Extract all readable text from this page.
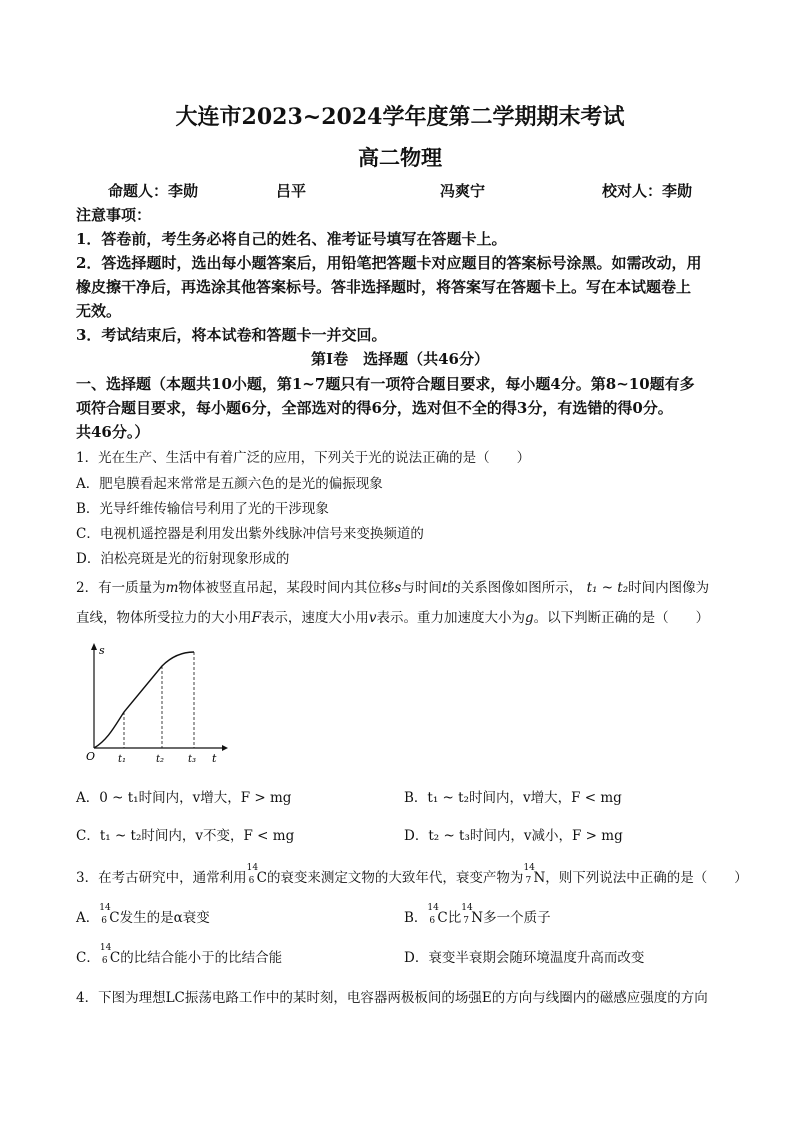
大连市2023~2024学年度第二学期期末考试
高二物理
命题人：李勋	吕平	冯爽宁	校对人：李勋
注意事项：
1．答卷前，考生务必将自己的姓名、准考证号填写在答题卡上。
2．答选择题时，选出每小题答案后，用铅笔把答题卡对应题目的答案标号涂黑。如需改动，用
橡皮擦干净后，再选涂其他答案标号。答非选择题时，将答案写在答题卡上。写在本试题卷上
无效。
3．考试结束后，将本试卷和答题卡一并交回。
第Ⅰ卷　选择题（共46分）
一、选择题（本题共10小题，第1~7题只有一项符合题目要求，每小题4分。第8~10题有多
项符合题目要求，每小题6分，全部选对的得6分，选对但不全的得3分，有选错的得0分。
共46分。）
1．光在生产、生活中有着广泛的应用，下列关于光的说法正确的是（　　）
A．肥皂膜看起来常常是五颜六色的是光的偏振现象
B．光导纤维传输信号利用了光的干涉现象
C．电视机遥控器是利用发出紫外线脉冲信号来变换频道的
D．泊松亮斑是光的衍射现象形成的
2．有一质量为m物体被竖直吊起，某段时间内其位移s与时间t的关系图像如图所示， t₁ ~ t₂时间内图像为
直线，物体所受拉力的大小用F表示，速度大小用v表示。重力加速度大小为g。以下判断正确的是（　　）
s
O t₁	t₂ t₃ t
A．0 ~ t₁时间内，v增大，F > mg	B．t₁ ~ t₂时间内，v增大，F < mg
C．t₁ ~ t₂时间内，v不变，F < mg	D．t₂ ~ t₃时间内，v减小，F > mg
3．在考古研究中，通常利用
14
6 C的衰变来测定文物的大致年代，衰变产物为
14
7 N，则下列说法中正确的是（　　）
A．
14
6 C发生的是α衰变	B．
14
6 C比
14
7 N多一个质子
C．
14
6 C的比结合能小于的比结合能	D．衰变半衰期会随环境温度升高而改变
4．下图为理想LC振荡电路工作中的某时刻，电容器两极板间的场强E的方向与线圈内的磁感应强度的方向
